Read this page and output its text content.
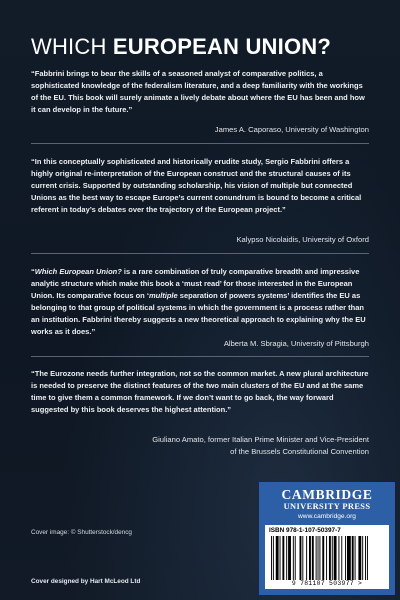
WHICH EUROPEAN UNION?

“Fabbrini brings to bear the skills of a seasoned analyst of comparative politics, a sophisticated knowledge of the federalism literature, and a deep familiarity with the workings of the EU. This book will surely animate a lively debate about where the EU has been and how it can develop in the future.”

James A. Caporaso, University of Washington

“In this conceptually sophisticated and historically erudite study, Sergio Fabbrini offers a highly original re-interpretation of the European construct and the structural causes of its current crisis. Supported by outstanding scholarship, his vision of multiple but connected Unions as the best way to escape Europe’s current conundrum is bound to become a critical referent in today’s debates over the trajectory of the European project.”

Kalypso Nicolaidis, University of Oxford

“Which European Union? is a rare combination of truly comparative breadth and impressive analytic structure which make this book a ‘must read’ for those interested in the European Union. Its comparative focus on ‘multiple separation of powers systems’ identifies the EU as belonging to that group of political systems in which the government is a process rather than an institution. Fabbrini thereby suggests a new theoretical approach to explaining why the EU works as it does.”

Alberta M. Sbragia, University of Pittsburgh

“The Eurozone needs further integration, not so the common market. A new plural architecture is needed to preserve the distinct features of the two main clusters of the EU and at the same time to give them a common framework. If we don’t want to go back, the way forward suggested by this book deserves the highest attention.”

Giuliano Amato, former Italian Prime Minister and Vice-President

of the Brussels Constitutional Convention

Cover image: © Shutterstock/dencg
Cover designed by Hart McLeod Ltd
CAMBRIDGE
UNIVERSITY PRESS
www.cambridge.org
ISBN 978-1-107-50397-7
9 781107 503977 >
